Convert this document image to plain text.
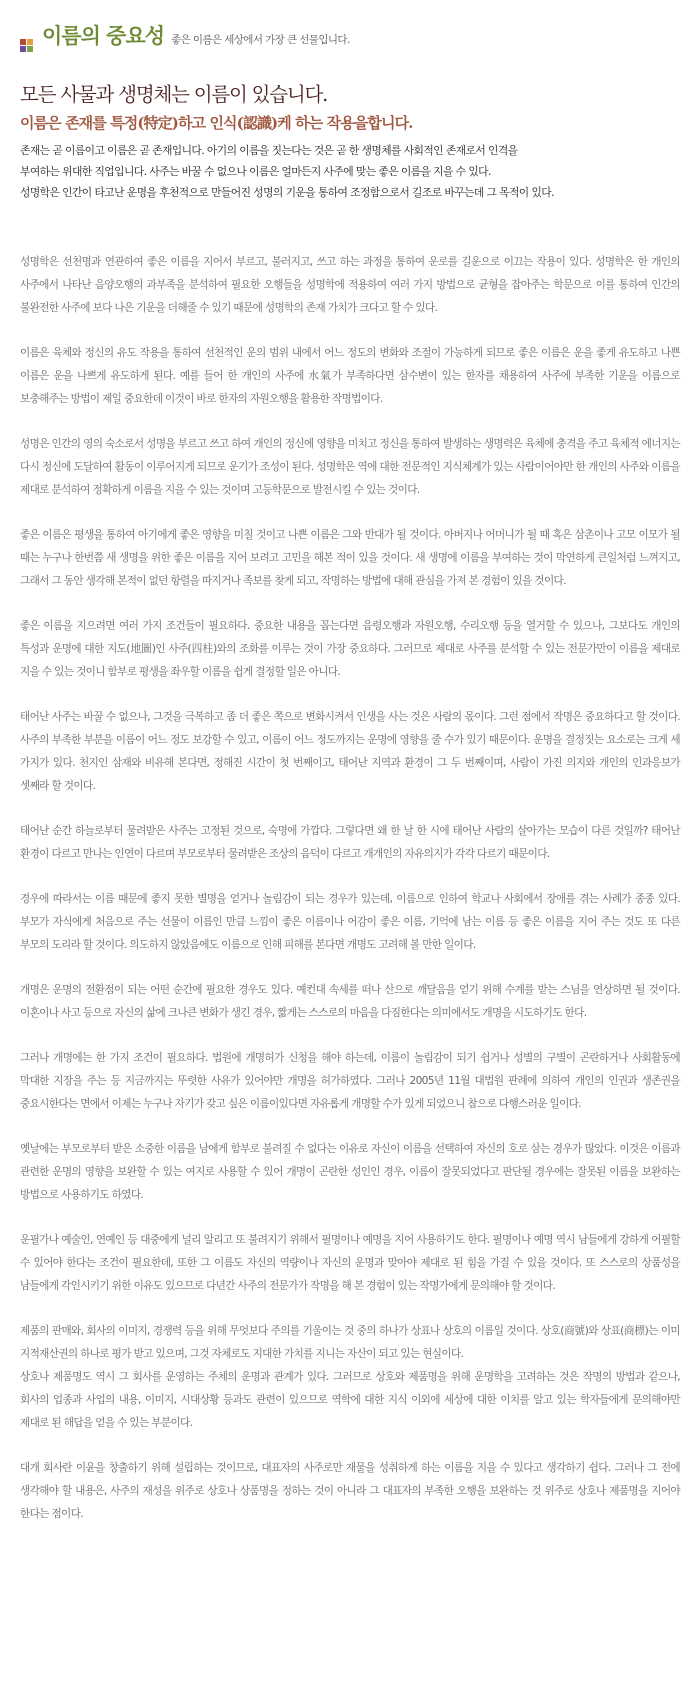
이름의 중요성 좋은 이름은 세상에서 가장 큰 선물입니다.
모든 사물과 생명체는 이름이 있습니다.
이름은 존재를 특정(特定)하고 인식(認識)케 하는 작용을합니다.
존재는 곧 이름이고 이름은 곧 존재입니다. 아기의 이름을 짓는다는 것은 곧 한 생명체를 사회적인 존재로서 인격을
부여하는 위대한 직업입니다. 사주는 바꿀 수 없으나 이름은 얼마든지 사주에 맞는 좋은 이름을 지을 수 있다.
성명학은 인간이 타고난 운명을 후천적으로 만들어진 성명의 기운을 통하여 조정함으로서 길조로 바꾸는데 그 목적이 있다.

성명학은 선천명과 연관하여 좋은 이름을 지어서 부르고, 불러지고, 쓰고 하는 과정을 통하여 운로를 길운으로 이끄는 작용이 있다. 성명학은 한 개인의 사주에서 나타난 음양오행의 과부족을 분석하여 필요한 오행들을 성명학에 적용하여 여러 가지 방법으로 균형을 잡아주는 학문으로 이를 통하여 인간의 불완전한 사주에 보다 나은 기운을 더해줄 수 있기 때문에 성명학의 존재 가치가 크다고 할 수 있다.

이름은 육체와 정신의 유도 작용을 통하여 선천적인 운의 범위 내에서 어느 정도의 변화와 조절이 가능하게 되므로 좋은 이름은 운을 좋게 유도하고 나쁜 이름은 운을 나쁘게 유도하게 된다. 예를 들어 한 개인의 사주에 水氣가 부족하다면 삼수변이 있는 한자를 채용하여 사주에 부족한 기운을 이름으로 보충해주는 방법이 제일 중요한데 이것이 바로 한자의 자원오행을 활용한 작명법이다.

성명은 인간의 영의 숙소로서 성명을 부르고 쓰고 하여 개인의 정신에 영향을 미치고 정신을 통하여 발생하는 생명력은 육체에 충격을 주고 육체적 에너지는 다시 정신에 도달하여 활동이 이루어지게 되므로 운기가 조성이 된다. 성명학은 역에 대한 전문적인 지식체계가 있는 사람이어야만 한 개인의 사주와 이름을 제대로 분석하여 정확하게 이름을 지을 수 있는 것이며 고등학문으로 발전시킬 수 있는 것이다.

좋은 이름은 평생을 통하여 아기에게 좋은 영향을 미칠 것이고 나쁜 이름은 그와 반대가 될 것이다. 아버지나 어머니가 될 때 혹은 삼촌이나 고모 이모가 될 때는 누구나 한번쯤 새 생명을 위한 좋은 이름을 지어 보려고 고민을 해본 적이 있을 것이다. 새 생명에 이름을 부여하는 것이 막연하게 큰일처럼 느껴지고, 그래서 그 동안 생각해 본적이 없던 항렬을 따지거나 족보를 찾게 되고, 작명하는 방법에 대해 관심을 가져 본 경험이 있을 것이다.

좋은 이름을 지으려면 여러 가지 조건들이 필요하다. 중요한 내용을 꼽는다면 음령오행과 자원오행, 수리오행 등을 열거할 수 있으나, 그보다도 개인의 특성과 운명에 대한 지도(地圖)인 사주(四柱)와의 조화를 이루는 것이 가장 중요하다. 그러므로 제대로 사주를 분석할 수 있는 전문가만이 이름을 제대로 지을 수 있는 것이니 함부로 평생을 좌우할 이름을 쉽게 결정할 일은 아니다.

태어난 사주는 바꿀 수 없으나, 그것을 극복하고 좀 더 좋은 쪽으로 변화시켜서 인생을 사는 것은 사람의 몫이다. 그런 점에서 작명은 중요하다고 할 것이다. 사주의 부족한 부분을 이름이 어느 정도 보강할 수 있고, 이름이 어느 정도까지는 운명에 영향을 줄 수가 있기 때문이다. 운명을 결정짓는 요소로는 크게 세 가지가 있다. 천지인 삼재와 비유해 본다면, 정해진 시간이 첫 번째이고, 태어난 지역과 환경이 그 두 번째이며, 사람이 가진 의지와 개인의 인과응보가 셋째라 할 것이다.

태어난 순간 하늘로부터 물려받은 사주는 고정된 것으로, 숙명에 가깝다. 그렇다면 왜 한 날 한 시에 태어난 사람의 살아가는 모습이 다른 것일까? 태어난 환경이 다르고 만나는 인연이 다르며 부모로부터 물려받은 조상의 음덕이 다르고 개개인의 자유의지가 각각 다르기 때문이다.

경우에 따라서는 이름 때문에 좋지 못한 별명을 얻거나 놀림감이 되는 경우가 있는데, 이름으로 인하여 학교나 사회에서 장애를 겪는 사례가 종종 있다. 부모가 자식에게 처음으로 주는 선물이 이름인 만큼 느낌이 좋은 이름이나 어감이 좋은 이름, 기억에 남는 이름 등 좋은 이름을 지어 주는 것도 또 다른 부모의 도리라 할 것이다. 의도하지 않았음에도 이름으로 인해 피해를 본다면 개명도 고려해 볼 만한 일이다.

개명은 운명의 전환점이 되는 어떤 순간에 필요한 경우도 있다. 예컨대 속세를 떠나 산으로 깨달음을 얻기 위해 수계를 받는 스님을 연상하면 될 것이다. 이혼이나 사고 등으로 자신의 삶에 크나큰 변화가 생긴 경우, 짧게는 스스로의 마음을 다짐한다는 의미에서도 개명을 시도하기도 한다.

그러나 개명에는 한 가지 조건이 필요하다. 법원에 개명허가 신청을 해야 하는데, 이름이 놀림감이 되기 쉽거나 성별의 구별이 곤란하거나 사회활동에 막대한 지장을 주는 등 지금까지는 뚜렷한 사유가 있어야만 개명을 허가하였다. 그러나 2005년 11월 대법원 판례에 의하여 개인의 인권과 생존권을 중요시한다는 면에서 이제는 누구나 자기가 갖고 싶은 이름이있다면 자유롭게 개명할 수가 있게 되었으니 참으로 다행스러운 일이다.

옛날에는 부모로부터 받은 소중한 이름을 남에게 함부로 불려질 수 없다는 이유로 자신이 이름을 선택하여 자신의 호로 삼는 경우가 많았다. 이것은 이름과 관련한 운명의 영향을 보완할 수 있는 여지로 사용할 수 있어 개명이 곤란한 성인인 경우, 이름이 잘못되었다고 판단될 경우에는 잘못된 이름을 보완하는 방법으로 사용하기도 하였다.

운필가나 예술인, 연예인 등 대중에게 널리 알리고 또 불려지기 위해서 필명이나 예명을 지어 사용하기도 한다. 필명이나 예명 역시 남들에게 강하게 어필할 수 있어야 한다는 조건이 필요한데, 또한 그 이름도 자신의 역량이나 자신의 운명과 맞아야 제대로 된 힘을 가질 수 있을 것이다. 또 스스로의 상품성을 남들에게 각인시키기 위한 이유도 있으므로 다년간 사주의 전문가가 작명을 해 본 경험이 있는 작명가에게 문의해야 할 것이다.

제품의 판매와, 회사의 이미지, 경쟁력 등을 위해 무엇보다 주의를 기울이는 것 중의 하나가 상표나 상호의 이름일 것이다. 상호(商號)와 상표(商標)는 이미 지적재산권의 하나로 평가 받고 있으며, 그것 자체로도 지대한 가치를 지니는 자산이 되고 있는 현실이다.

상호나 제품명도 역시 그 회사를 운영하는 주체의 운명과 관계가 있다. 그러므로 상호와 제품명을 위해 운명학을 고려하는 것은 작명의 방법과 같으나, 회사의 업종과 사업의 내용, 이미지, 시대상황 등과도 관련이 있으므로 역학에 대한 지식 이외에 세상에 대한 이치를 알고 있는 학자들에게 문의해야만 제대로 된 해답을 얻을 수 있는 부분이다.

대개 회사란 이윤을 창출하기 위해 설립하는 것이므로, 대표자의 사주로만 재물을 성취하게 하는 이름을 지을 수 있다고 생각하기 쉽다. 그러나 그 전에 생각해야 할 내용은, 사주의 재성을 위주로 상호나 상품명을 정하는 것이 아니라 그 대표자의 부족한 오행을 보완하는 것 위주로 상호나 제품명을 지어야 한다는 점이다.
